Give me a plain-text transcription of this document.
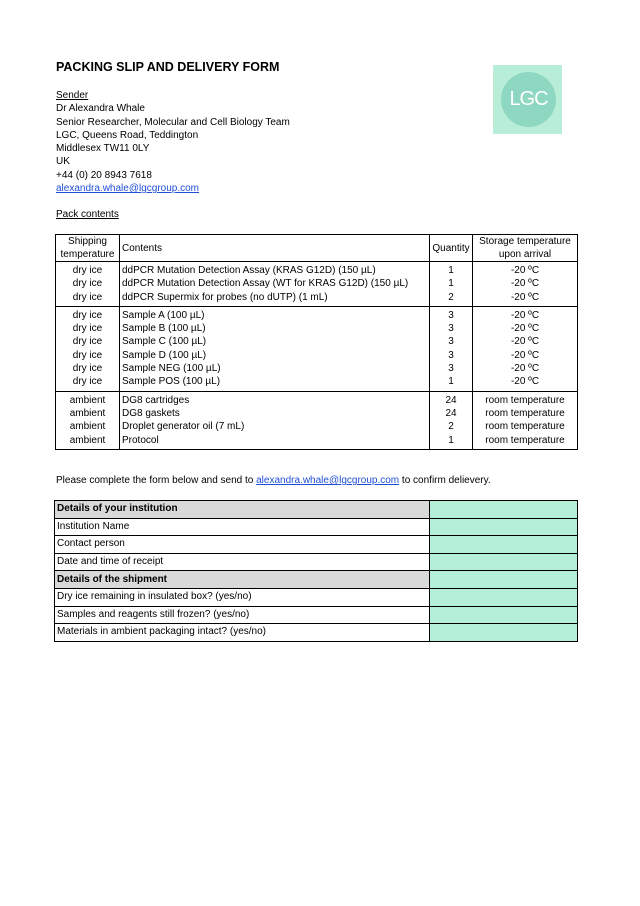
PACKING SLIP AND DELIVERY FORM
LGC
Sender
Dr Alexandra Whale
Senior Researcher, Molecular and Cell Biology Team
LGC, Queens Road, Teddington
Middlesex TW11 0LY
UK
+44 (0) 20 8943 7618
alexandra.whale@lgcgroup.com
Pack contents
Shipping
temperature	Contents	Quantity	Storage temperature
upon arrival
dry ice	ddPCR Mutation Detection Assay (KRAS G12D) (150 µL)	1	-20 ºC
dry ice	ddPCR Mutation Detection Assay (WT for KRAS G12D) (150 µL)	1	-20 ºC
dry ice	ddPCR Supermix for probes (no dUTP) (1 mL)	2	-20 ºC
dry ice	Sample A (100 µL)	3	-20 ºC
dry ice	Sample B (100 µL)	3	-20 ºC
dry ice	Sample C (100 µL)	3	-20 ºC
dry ice	Sample D (100 µL)	3	-20 ºC
dry ice	Sample NEG (100 µL)	3	-20 ºC
dry ice	Sample POS (100 µL)	1	-20 ºC
ambient	DG8 cartridges	24	room temperature
ambient	DG8 gaskets	24	room temperature
ambient	Droplet generator oil (7 mL)	2	room temperature
ambient	Protocol	1	room temperature
Please complete the form below and send to alexandra.whale@lgcgroup.com to confirm delievery.
Details of your institution	
Institution Name	
Contact person	
Date and time of receipt	
Details of the shipment	
Dry ice remaining in insulated box? (yes/no)	
Samples and reagents still frozen? (yes/no)	
Materials in ambient packaging intact? (yes/no)	
